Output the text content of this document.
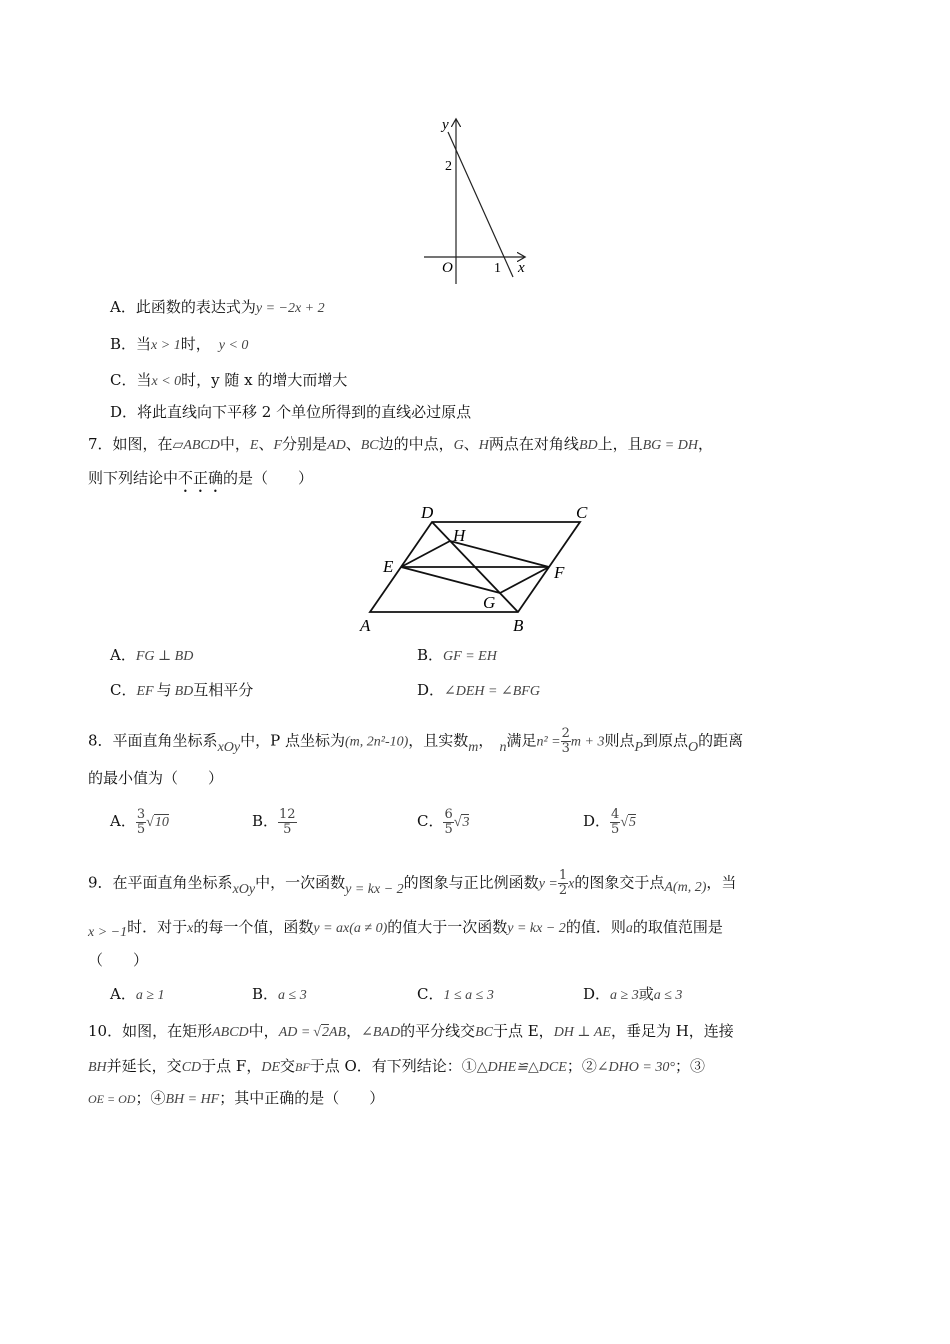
y
x
O
2
1
A．此函数的表达式为y = −2x + 2
B．当x > 1时， y < 0
C．当x < 0时，y 随 x 的增大而增大
D．将此直线向下平移 2 个单位所得到的直线必过原点
7．如图，在▱ABCD中，E、F分别是AD、BC边的中点，G、H两点在对角线BD上，且BG = DH，
则下列结论中不正确的是（　　）
D	C
H
E	F
G
A	B
A．FG ⊥ BD	B．GF = EH
C．EF 与 BD互相平分	D．∠DEH = ∠BFG
8．平面直角坐标系xOy中，P 点坐标为(m, 2n²-10)，且实数m， n满足$n^2 = \frac{2}{3}$ m + 3则点P到原点O的距离
的最小值为（　　）
A． $\frac{3}{5} √10$	B． $\frac{12}{5}$	C． $\frac{6}{5} √3$	D． $\frac{4}{5} √5$
9．在平面直角坐标系xOy中，一次函数y = kx − 2的图象与正比例函数$y = \frac{1}{2}$ x的图象交于点A(m, 2)，当
x > −1时．对于x的每一个值，函数y = ax(a ≠ 0)的值大于一次函数y = kx − 2的值．则a的取值范围是
（　　）
A．a ≥ 1	B．a ≤ 3	C．1 ≤ a ≤ 3	D．a ≥ 3或a ≤ 3
10．如图，在矩形ABCD中，AD = √2AB，∠BAD的平分线交BC于点 E，DH ⊥ AE，垂足为 H，连接
BH并延长，交CD于点 F，DE交BF于点 O．有下列结论：①△DHE≌△DCE；②∠DHO = 30°；③
OE = OD；④BH = HF；其中正确的是（　　）
